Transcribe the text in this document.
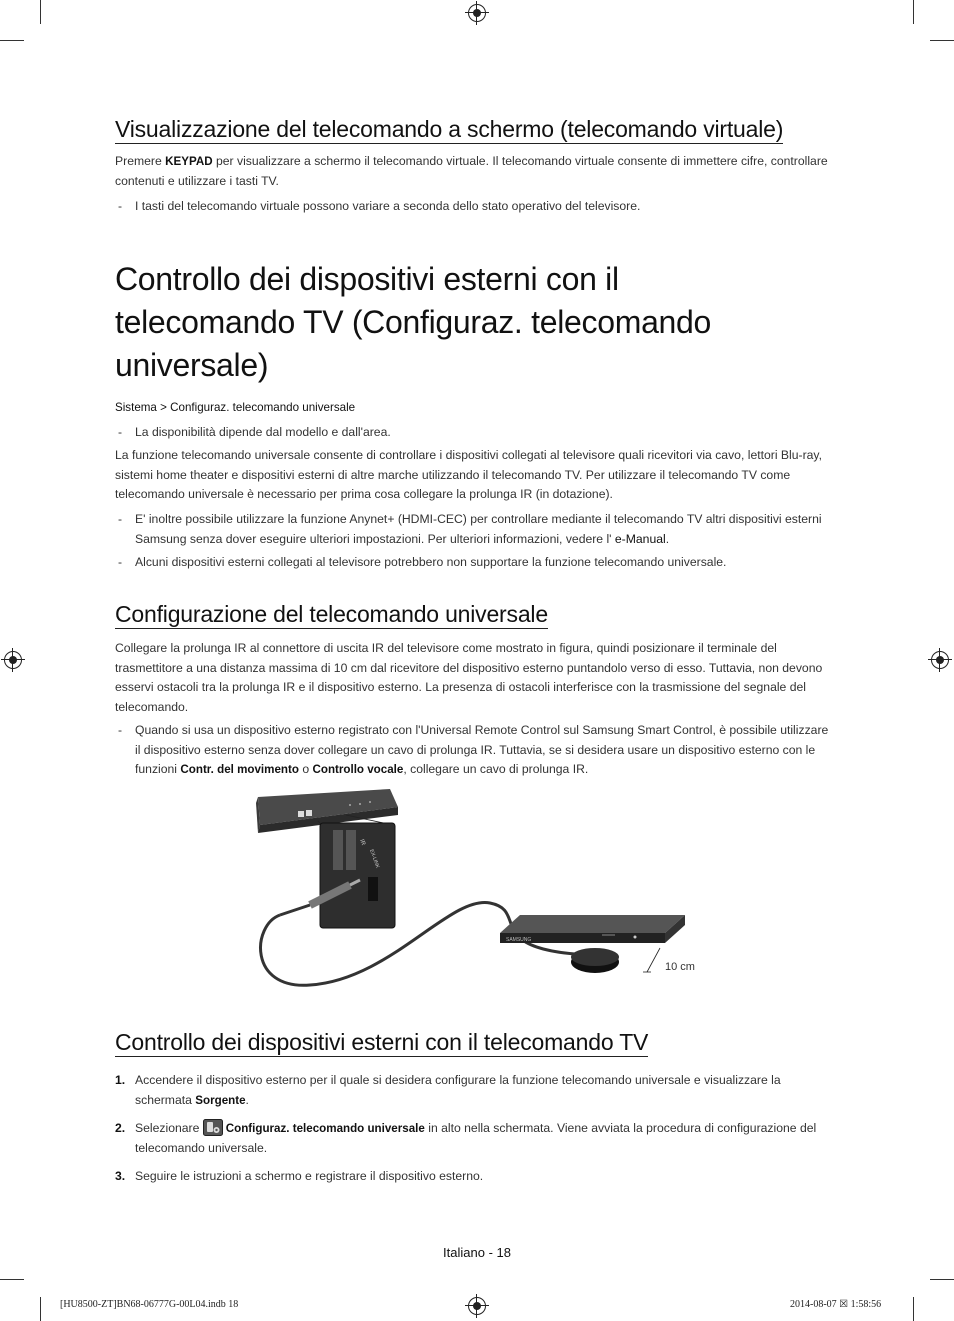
Visualizzazione del telecomando a schermo (telecomando virtuale)

Premere KEYPAD per visualizzare a schermo il telecomando virtuale. Il telecomando virtuale consente di immettere cifre, controllare contenuti e utilizzare i tasti TV.

- I tasti del telecomando virtuale possono variare a seconda dello stato operativo del televisore.

Controllo dei dispositivi esterni con il telecomando TV (Configuraz. telecomando universale)
Sistema > Configuraz. telecomando universale

- La disponibilità dipende dal modello e dall'area.

La funzione telecomando universale consente di controllare i dispositivi collegati al televisore quali ricevitori via cavo, lettori Blu-ray, sistemi home theater e dispositivi esterni di altre marche utilizzando il telecomando TV. Per utilizzare il telecomando TV come telecomando universale è necessario per prima cosa collegare la prolunga IR (in dotazione).

- E' inoltre possibile utilizzare la funzione Anynet+ (HDMI-CEC) per controllare mediante il telecomando TV altri dispositivi esterni Samsung senza dover eseguire ulteriori impostazioni. Per ulteriori informazioni, vedere l' e-Manual.

- Alcuni dispositivi esterni collegati al televisore potrebbero non supportare la funzione telecomando universale.

Configurazione del telecomando universale

Collegare la prolunga IR al connettore di uscita IR del televisore come mostrato in figura, quindi posizionare il terminale del trasmettitore a una distanza massima di 10 cm dal ricevitore del dispositivo esterno puntandolo verso di esso. Tuttavia, non devono esservi ostacoli tra la prolunga IR e il dispositivo esterno. La presenza di ostacoli interferisce con la trasmissione del segnale del telecomando.

- Quando si usa un dispositivo esterno registrato con l'Universal Remote Control sul Samsung Smart Control, è possibile utilizzare il dispositivo esterno senza dover collegare un cavo di prolunga IR. Tuttavia, se si desidera usare un dispositivo esterno con le funzioni Contr. del movimento o Controllo vocale, collegare un cavo di prolunga IR.

IR
EX-LINK
SAMSUNG
10 cm
Controllo dei dispositivi esterni con il telecomando TV
1. Accendere il dispositivo esterno per il quale si desidera configurare la funzione telecomando universale e visualizzare la schermata Sorgente.
2. Selezionare Configuraz. telecomando universale in alto nella schermata. Viene avviata la procedura di configurazione del telecomando universale.
3. Seguire le istruzioni a schermo e registrare il dispositivo esterno.
Italiano - 18
[HU8500-ZT]BN68-06777G-00L04.indb 18	2014-08-07 ☒ 1:58:56
